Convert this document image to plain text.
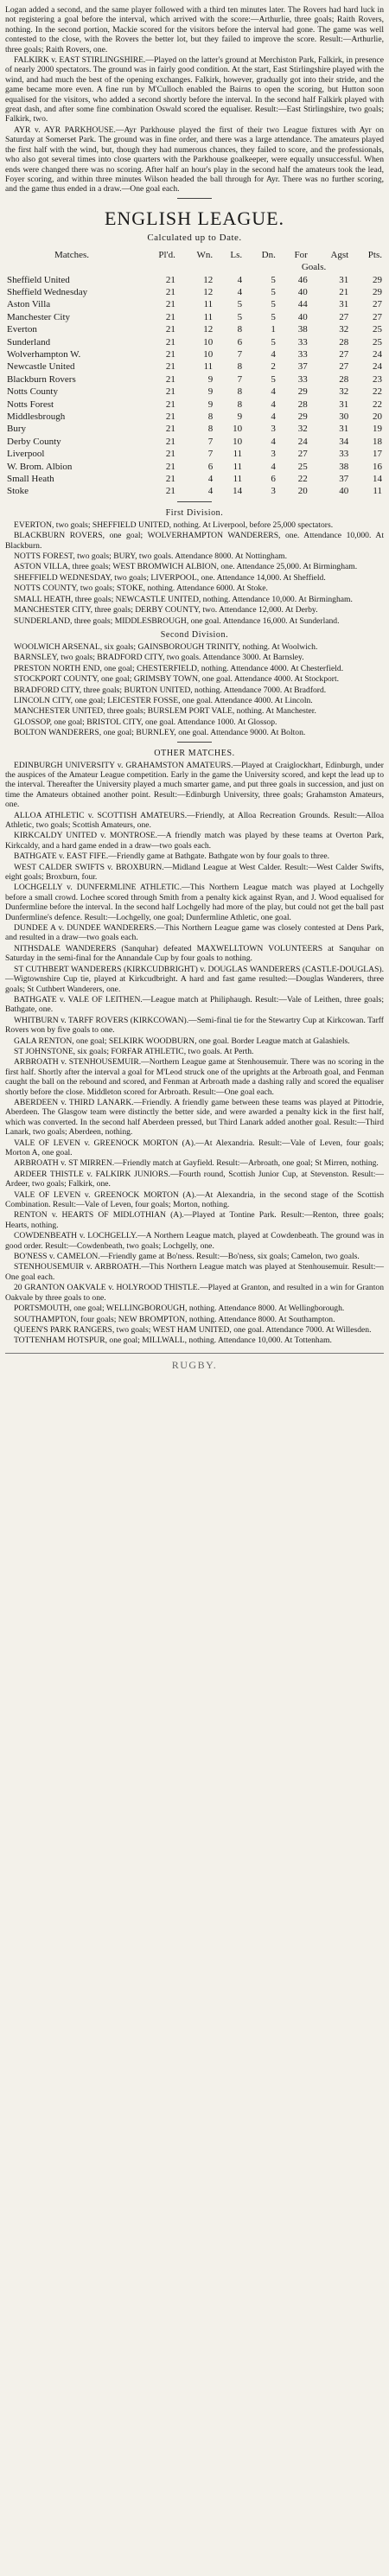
Logan added a second, and the same player followed with a third ten minutes later. The Rovers had hard luck in not registering a goal before the interval, which arrived with the score:—Arthurlie, three goals; Raith Rovers, nothing. In the second portion, Mackie scored for the visitors before the interval had gone. The game was well contested to the close, with the Rovers the better lot, but they failed to improve the score. Result:—Arthurlie, three goals; Raith Rovers, one.

FALKIRK v. EAST STIRLINGSHIRE.—Played on the latter's ground at Merchiston Park, Falkirk, in presence of nearly 2000 spectators. The ground was in fairly good condition. At the start, East Stirlingshire played with the wind, and had much the best of the opening exchanges. Falkirk, however, gradually got into their stride, and the game became more even. A fine run by M'Culloch enabled the Bairns to open the scoring, but Hutton soon equalised for the visitors, who added a second shortly before the interval. In the second half Falkirk played with great dash, and after some fine combination Oswald scored the equaliser. Result:—East Stirlingshire, two goals; Falkirk, two.

AYR v. AYR PARKHOUSE.—Ayr Parkhouse played the first of their two League fixtures with Ayr on Saturday at Somerset Park. The ground was in fine order, and there was a large attendance. The amateurs played the first half with the wind, but, though they had numerous chances, they failed to score, and the professionals, who also got several times into close quarters with the Parkhouse goalkeeper, were equally unsuccessful. When ends were changed there was no scoring. After half an hour's play in the second half the amateurs took the lead, Foyer scoring, and within three minutes Wilson headed the ball through for Ayr. There was no further scoring, and the game thus ended in a draw.—One goal each.

ENGLISH LEAGUE.
Calculated up to Date.
Matches.	Pl'd.	Wn.	Ls.	Dn.	For	Agst	Pts.
					Goals.		
Sheffield United	21	12	4	5	46	31	29
Sheffield Wednesday	21	12	4	5	40	21	29
Aston Villa	21	11	5	5	44	31	27
Manchester City	21	11	5	5	40	27	27
Everton	21	12	8	1	38	32	25
Sunderland	21	10	6	5	33	28	25
Wolverhampton W.	21	10	7	4	33	27	24
Newcastle United	21	11	8	2	37	27	24
Blackburn Rovers	21	9	7	5	33	28	23
Notts County	21	9	8	4	29	32	22
Notts Forest	21	9	8	4	28	31	22
Middlesbrough	21	8	9	4	29	30	20
Bury	21	8	10	3	32	31	19
Derby County	21	7	10	4	24	34	18
Liverpool	21	7	11	3	27	33	17
W. Brom. Albion	21	6	11	4	25	38	16
Small Heath	21	4	11	6	22	37	14
Stoke	21	4	14	3	20	40	11
First Division.

EVERTON, two goals; SHEFFIELD UNITED, nothing. At Liverpool, before 25,000 spectators.

BLACKBURN ROVERS, one goal; WOLVERHAMPTON WANDERERS, one. Attendance 10,000. At Blackburn.

NOTTS FOREST, two goals; BURY, two goals. Attendance 8000. At Nottingham.

ASTON VILLA, three goals; WEST BROMWICH ALBION, one. Attendance 25,000. At Birmingham.

SHEFFIELD WEDNESDAY, two goals; LIVERPOOL, one. Attendance 14,000. At Sheffield.

NOTTS COUNTY, two goals; STOKE, nothing. Attendance 6000. At Stoke.

SMALL HEATH, three goals; NEWCASTLE UNITED, nothing. Attendance 10,000. At Birmingham.

MANCHESTER CITY, three goals; DERBY COUNTY, two. Attendance 12,000. At Derby.

SUNDERLAND, three goals; MIDDLESBROUGH, one goal. Attendance 16,000. At Sunderland.

Second Division.

WOOLWICH ARSENAL, six goals; GAINSBOROUGH TRINITY, nothing. At Woolwich.

BARNSLEY, two goals; BRADFORD CITY, two goals. Attendance 3000. At Barnsley.

PRESTON NORTH END, one goal; CHESTERFIELD, nothing. Attendance 4000. At Chesterfield.

STOCKPORT COUNTY, one goal; GRIMSBY TOWN, one goal. Attendance 4000. At Stockport.

BRADFORD CITY, three goals; BURTON UNITED, nothing. Attendance 7000. At Bradford.

LINCOLN CITY, one goal; LEICESTER FOSSE, one goal. Attendance 4000. At Lincoln.

MANCHESTER UNITED, three goals; BURSLEM PORT VALE, nothing. At Manchester.

GLOSSOP, one goal; BRISTOL CITY, one goal. Attendance 1000. At Glossop.

BOLTON WANDERERS, one goal; BURNLEY, one goal. Attendance 9000. At Bolton.

OTHER MATCHES.

EDINBURGH UNIVERSITY v. GRAHAMSTON AMATEURS.—Played at Craiglockhart, Edinburgh, under the auspices of the Amateur League competition. Early in the game the University scored, and kept the lead up to the interval. Thereafter the University played a much smarter game, and put three goals in succession, and just on time the Amateurs obtained another point. Result:—Edinburgh University, three goals; Grahamston Amateurs, one.

ALLOA ATHLETIC v. SCOTTISH AMATEURS.—Friendly, at Alloa Recreation Grounds. Result:—Alloa Athletic, two goals; Scottish Amateurs, one.

KIRKCALDY UNITED v. MONTROSE.—A friendly match was played by these teams at Overton Park, Kirkcaldy, and a hard game ended in a draw—two goals each.

BATHGATE v. EAST FIFE.—Friendly game at Bathgate. Bathgate won by four goals to three.

WEST CALDER SWIFTS v. BROXBURN.—Midland League at West Calder. Result:—West Calder Swifts, eight goals; Broxburn, four.

LOCHGELLY v. DUNFERMLINE ATHLETIC.—This Northern League match was played at Lochgelly before a small crowd. Lochee scored through Smith from a penalty kick against Ryan, and J. Wood equalised for Dunfermline before the interval. In the second half Lochgelly had more of the play, but could not get the ball past Dunfermline's defence. Result:—Lochgelly, one goal; Dunfermline Athletic, one goal.

DUNDEE A v. DUNDEE WANDERERS.—This Northern League game was closely contested at Dens Park, and resulted in a draw—two goals each.

NITHSDALE WANDERERS (Sanquhar) defeated MAXWELLTOWN VOLUNTEERS at Sanquhar on Saturday in the semi-final for the Annandale Cup by four goals to nothing.

ST CUTHBERT WANDERERS (KIRKCUDBRIGHT) v. DOUGLAS WANDERERS (CASTLE-DOUGLAS).—Wigtownshire Cup tie, played at Kirkcudbright. A hard and fast game resulted:—Douglas Wanderers, three goals; St Cuthbert Wanderers, one.

BATHGATE v. VALE OF LEITHEN.—League match at Philiphaugh. Result:—Vale of Leithen, three goals; Bathgate, one.

WHITBURN v. TARFF ROVERS (KIRKCOWAN).—Semi-final tie for the Stewartry Cup at Kirkcowan. Tarff Rovers won by five goals to one.

GALA RENTON, one goal; SELKIRK WOODBURN, one goal. Border League match at Galashiels.

ST JOHNSTONE, six goals; FORFAR ATHLETIC, two goals. At Perth.

ARBROATH v. STENHOUSEMUIR.—Northern League game at Stenhousemuir. There was no scoring in the first half. Shortly after the interval a goal for M'Leod struck one of the uprights at the Arbroath goal, and Fenman caught the ball on the rebound and scored, and Fenman at Arbroath made a dashing rally and scored the equaliser shortly before the close. Middleton scored for Arbroath. Result:—One goal each.

ABERDEEN v. THIRD LANARK.—Friendly. A friendly game between these teams was played at Pittodrie, Aberdeen. The Glasgow team were distinctly the better side, and were awarded a penalty kick in the first half, which was converted. In the second half Aberdeen pressed, but Third Lanark added another goal. Result:—Third Lanark, two goals; Aberdeen, nothing.

VALE OF LEVEN v. GREENOCK MORTON (A).—At Alexandria. Result:—Vale of Leven, four goals; Morton A, one goal.

ARBROATH v. ST MIRREN.—Friendly match at Gayfield. Result:—Arbroath, one goal; St Mirren, nothing.

ARDEER THISTLE v. FALKIRK JUNIORS.—Fourth round, Scottish Junior Cup, at Stevenston. Result:—Ardeer, two goals; Falkirk, one.

VALE OF LEVEN v. GREENOCK MORTON (A).—At Alexandria, in the second stage of the Scottish Combination. Result:—Vale of Leven, four goals; Morton, nothing.

RENTON v. HEARTS OF MIDLOTHIAN (A).—Played at Tontine Park. Result:—Renton, three goals; Hearts, nothing.

COWDENBEATH v. LOCHGELLY.—A Northern League match, played at Cowdenbeath. The ground was in good order. Result:—Cowdenbeath, two goals; Lochgelly, one.

BO'NESS v. CAMELON.—Friendly game at Bo'ness. Result:—Bo'ness, six goals; Camelon, two goals.

STENHOUSEMUIR v. ARBROATH.—This Northern League match was played at Stenhousemuir. Result:—One goal each.

20 GRANTON OAKVALE v. HOLYROOD THISTLE.—Played at Granton, and resulted in a win for Granton Oakvale by three goals to one.

PORTSMOUTH, one goal; WELLINGBOROUGH, nothing. Attendance 8000. At Wellingborough.

SOUTHAMPTON, four goals; NEW BROMPTON, nothing. Attendance 8000. At Southampton.

QUEEN'S PARK RANGERS, two goals; WEST HAM UNITED, one goal. Attendance 7000. At Willesden.

TOTTENHAM HOTSPUR, one goal; MILLWALL, nothing. Attendance 10,000. At Tottenham.

RUGBY.
